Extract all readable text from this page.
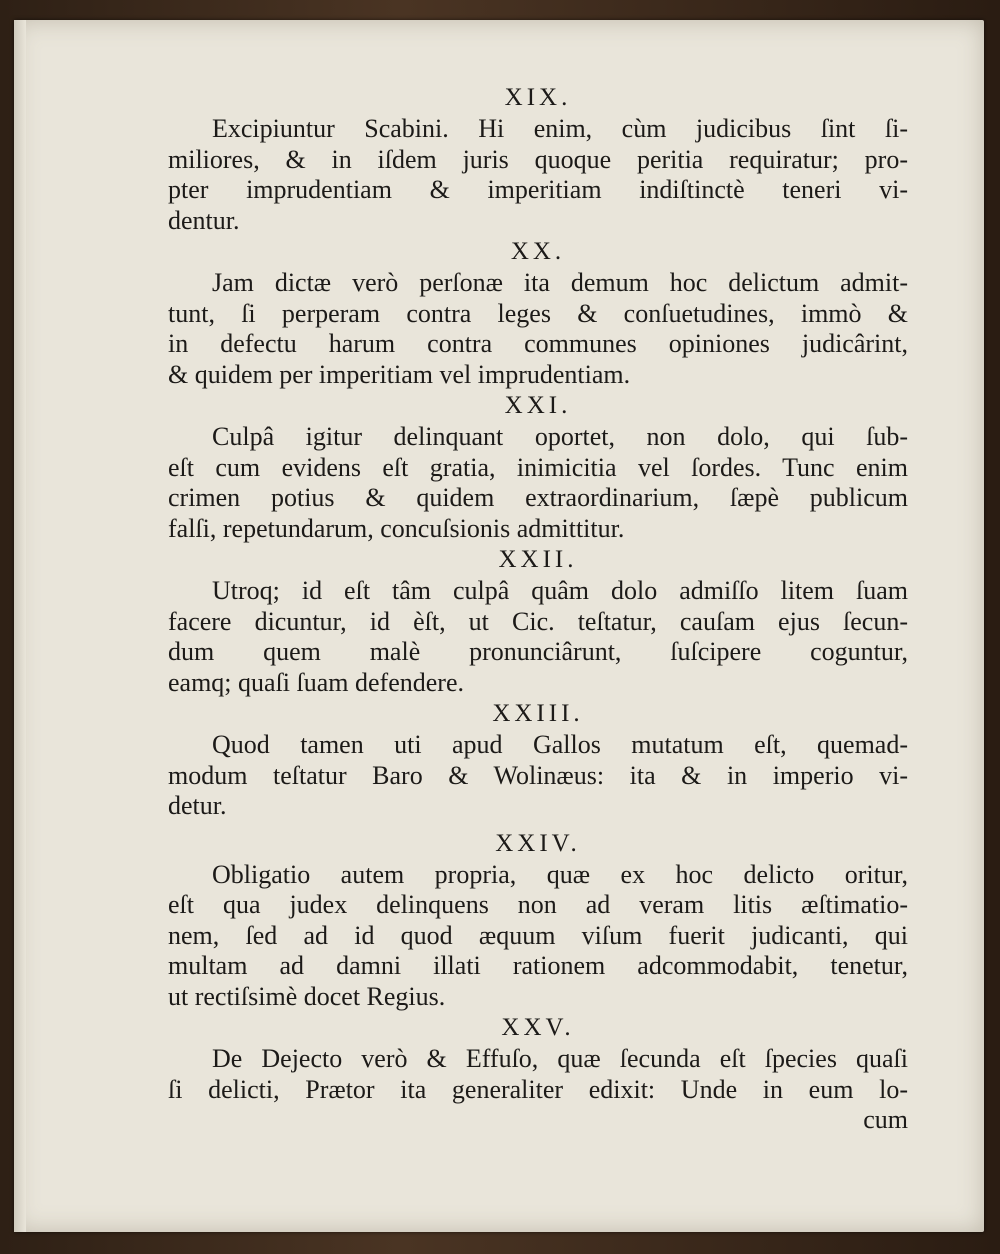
XIX.
Excipiuntur Scabini. Hi enim, cùm judicibus ſint ſi-
miliores, & in iſdem juris quoque peritia requiratur; pro-
pter imprudentiam & imperitiam indiſtinctè teneri vi-
dentur.
XX.
Jam dictæ verò perſonæ ita demum hoc delictum admit-
tunt, ſi perperam contra leges & conſuetudines, immò &
in defectu harum contra communes opiniones judicârint,
& quidem per imperitiam vel imprudentiam.
XXI.
Culpâ igitur delinquant oportet, non dolo, qui ſub-
eſt cum evidens eſt gratia, inimicitia vel ſordes. Tunc enim
crimen potius & quidem extraordinarium, ſæpè publicum
falſi, repetundarum, concuſsionis admittitur.
XXII.
Utroq; id eſt tâm culpâ quâm dolo admiſſo litem ſuam
facere dicuntur, id èſt, ut Cic. teſtatur, cauſam ejus ſecun-
dum quem malè pronunciârunt, ſuſcipere coguntur,
eamq; quaſi ſuam defendere.
XXIII.
Quod tamen uti apud Gallos mutatum eſt, quemad-
modum teſtatur Baro & Wolinæus: ita & in imperio vi-
detur.
XXIV.
Obligatio autem propria, quæ ex hoc delicto oritur,
eſt qua judex delinquens non ad veram litis æſtimatio-
nem, ſed ad id quod æquum viſum fuerit judicanti, qui
multam ad damni illati rationem adcommodabit, tenetur,
ut rectiſsimè docet Regius.
XXV.
De Dejecto verò & Effuſo, quæ ſecunda eſt ſpecies quaſi
ſi delicti, Prætor ita generaliter edixit: Unde in eum lo-
cum
